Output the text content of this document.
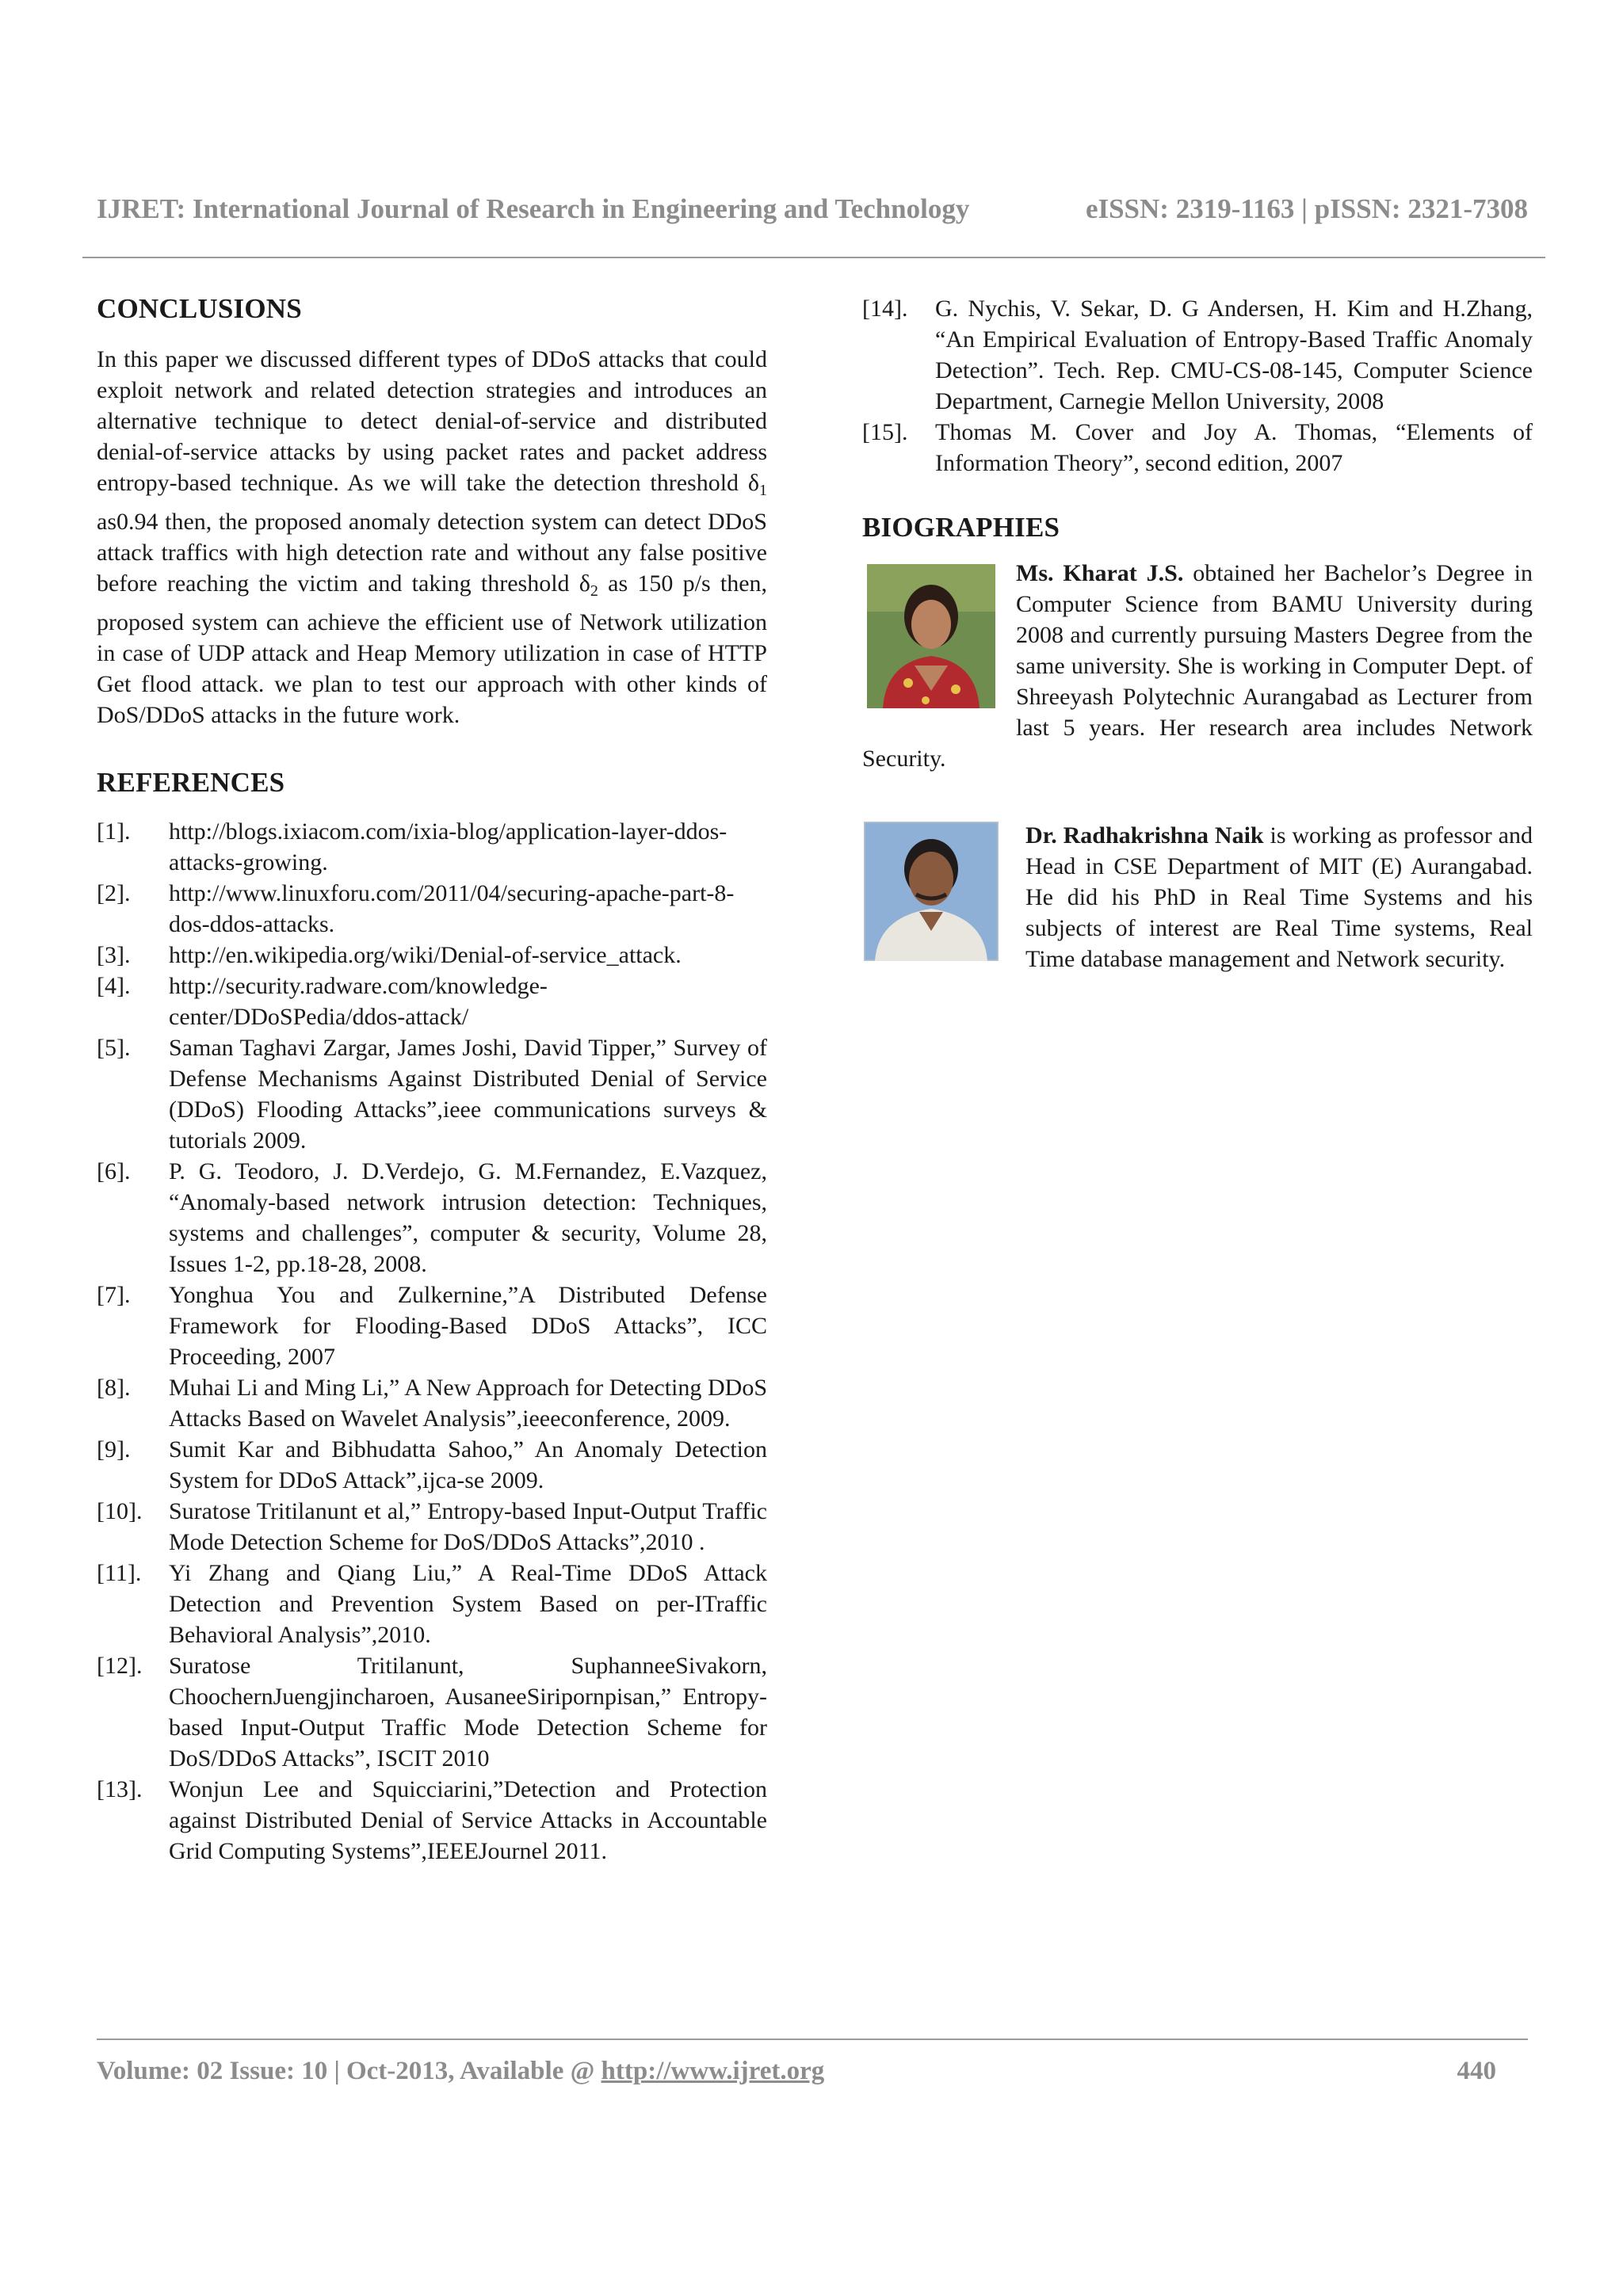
IJRET: International Journal of Research in Engineering and Technology	eISSN: 2319-1163 | pISSN: 2321-7308
CONCLUSIONS

In this paper we discussed different types of DDoS attacks that could exploit network and related detection strategies and introduces an alternative technique to detect denial-of-service and distributed denial-of-service attacks by using packet rates and packet address entropy-based technique. As we will take the detection threshold $\delta_1$ as0.94 then, the proposed anomaly detection system can detect DDoS attack traffics with high detection rate and without any false positive before reaching the victim and taking threshold $\delta_2$ as 150 p/s then, proposed system can achieve the efficient use of Network utilization in case of UDP attack and Heap Memory utilization in case of HTTP Get flood attack. we plan to test our approach with other kinds of DoS/DDoS attacks in the future work.

REFERENCES
[1]. http://blogs.ixiacom.com/ixia-blog/application-layer-ddos-attacks-growing.
[2]. http://www.linuxforu.com/2011/04/securing-apache-part-8-dos-ddos-attacks.
[3]. http://en.wikipedia.org/wiki/Denial-of-service_attack.
[4]. http://security.radware.com/knowledge-center/DDoSPedia/ddos-attack/
[5]. Saman Taghavi Zargar, James Joshi, David Tipper,” Survey of Defense Mechanisms Against Distributed Denial of Service (DDoS) Flooding Attacks”,ieee communications surveys & tutorials 2009.
[6]. P. G. Teodoro, J. D.Verdejo, G. M.Fernandez, E.Vazquez, “Anomaly-based network intrusion detection: Techniques, systems and challenges”, computer & security, Volume 28, Issues 1-2, pp.18-28, 2008.
[7]. Yonghua You and Zulkernine,”A Distributed Defense Framework for Flooding-Based DDoS Attacks”, ICC Proceeding, 2007
[8]. Muhai Li and Ming Li,” A New Approach for Detecting DDoS Attacks Based on Wavelet Analysis”,ieeeconference, 2009.
[9]. Sumit Kar and Bibhudatta Sahoo,” An Anomaly Detection System for DDoS Attack”,ijca-se 2009.
[10]. Suratose Tritilanunt et al,” Entropy-based Input-Output Traffic Mode Detection Scheme for DoS/DDoS Attacks”,2010 .
[11]. Yi Zhang and Qiang Liu,” A Real-Time DDoS Attack Detection and Prevention System Based on per-ITraffic Behavioral Analysis”,2010.
[12]. Suratose Tritilanunt, SuphanneeSivakorn, ChoochernJuengjincharoen, AusaneeSiripornpisan,” Entropy-based Input-Output Traffic Mode Detection Scheme for DoS/DDoS Attacks”, ISCIT 2010
[13]. Wonjun Lee and Squicciarini,”Detection and Protection against Distributed Denial of Service Attacks in Accountable Grid Computing Systems”,IEEEJournel 2011.
[14]. G. Nychis, V. Sekar, D. G Andersen, H. Kim and H.Zhang, “An Empirical Evaluation of Entropy-Based Traffic Anomaly Detection”. Tech. Rep. CMU-CS-08-145, Computer Science Department, Carnegie Mellon University, 2008
[15]. Thomas M. Cover and Joy A. Thomas, “Elements of Information Theory”, second edition, 2007
BIOGRAPHIES

Ms. Kharat J.S. obtained her Bachelor’s Degree in Computer Science from BAMU University during 2008 and currently pursuing Masters Degree from the same university. She is working in Computer Dept. of Shreeyash Polytechnic Aurangabad as Lecturer from last 5 years. Her research area includes Network Security.

Dr. Radhakrishna Naik is working as professor and Head in CSE Department of MIT (E) Aurangabad. He did his PhD in Real Time Systems and his subjects of interest are Real Time systems, Real Time database management and Network security.

Volume: 02 Issue: 10 | Oct-2013, Available @ http://www.ijret.org	440
